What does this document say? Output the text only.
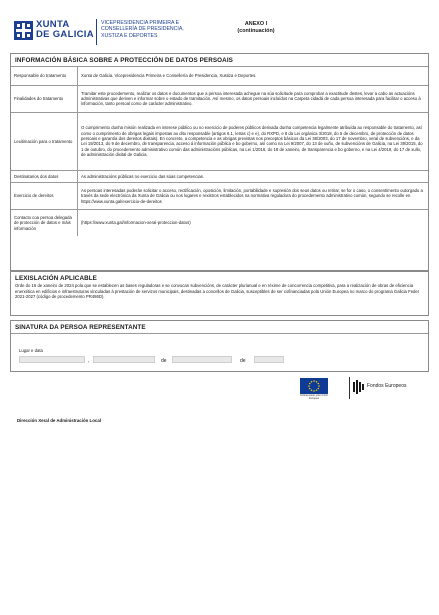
XUNTA
DE GALICIA
VICEPRESIDENCIA PRIMEIRA E
CONSELLERÍA DE PRESIDENCIA,
XUSTIZA E DEPORTES
ANEXO I
(continuación)
INFORMACIÓN BÁSICA SOBRE A PROTECCIÓN DE DATOS PERSOAIS
Responsable do tratamento	Xunta de Galicia. Vicepresidencia Primeira e Consellería de Presidencia, Xustiza e Deportes.
Finalidades do tratamento	Tramitar este procedemento, realizar os datos e documentos que a persoa interesada achegue na súa solicitude para comprobar a exactitude destes, levar a cabo as actuacións administrativas que deriven e informar sobre o estado de tramitación. Así mesmo, os datos persoais incluídos na Carpeta cidadá de cada persoa interesada para facilitar o acceso á información, tanto persoal como de carácter administrativo.
Lexitimación para o tratamento	O cumprimento dunha misión realizada en interese público ou no exercicio de poderes públicos derivada dunha competencia legalmente atribuída ao responsable do tratamento, así como o cumprimento de obrigas legais impostas ao dito responsable (artigos 6.1, letras c) e e), do RXPD, e 8 da Lei orgánica 3/2018, do 5 de decembro, de protección de datos persoais e garantía dos dereitos dixitais). En concreto, a competencia e as obrigas previstas nos preceptos básicos da Lei 38/2003, do 17 de novembro, xeral de subvencións, e da Lei 19/2013, do 9 de decembro, de transparencia, acceso á información pública e bo goberno, así como na Lei 9/2007, do 13 de xuño, de subvencións de Galicia, na Lei 39/2015, do 1 de outubro, do procedemento administrativo común das administracións públicas, na Lei 1/2016, do 18 de xaneiro, de transparencia e bo goberno, e na Lei 4/2019, do 17 de xullo, de administración dixital de Galicia.
Destinatarios dos datos	As administracións públicas no exercicio das súas competencias.
Exercicio de dereitos	As persoas interesadas poderán solicitar o acceso, rectificación, oposición, limitación, portabilidade e supresión dos seus datos ou retirar, se for o caso, o consentimento outorgado a través da sede electrónica da Xunta de Galicia ou nos lugares e rexistros establecidos na normativa reguladora do procedemento administrativo común, segundo se recolle en https://www.xunta.gal/exercicio-de-dereitos
Contacto coa persoa delegada de protección de datos e máis información	(https://www.xunta.gal/informacion-xeral-proteccion-datos)
LEXISLACIÓN APLICABLE
Orde do 16 de xaneiro de 2024 pola que se establecen as bases reguladoras e se convocan subvencións, de carácter plurianual e en réxime de concorrencia competitiva, para a realización de obras de eficiencia enerxética en edificios e infraestruturas vinculadas á prestación de servizos municipais, destinadas a concellos de Galicia, susceptibles de ser cofinanciadas pola Unión Europea no marco do programa Galicia Feder 2021-2027 (código de procedemento PR486D).
SINATURA DA PERSOA REPRESENTANTE
Lugar e data
,	de	de
Cofinanciado pola Unión Europea
Fondos Europeos
Dirección Xeral de Administración Local
